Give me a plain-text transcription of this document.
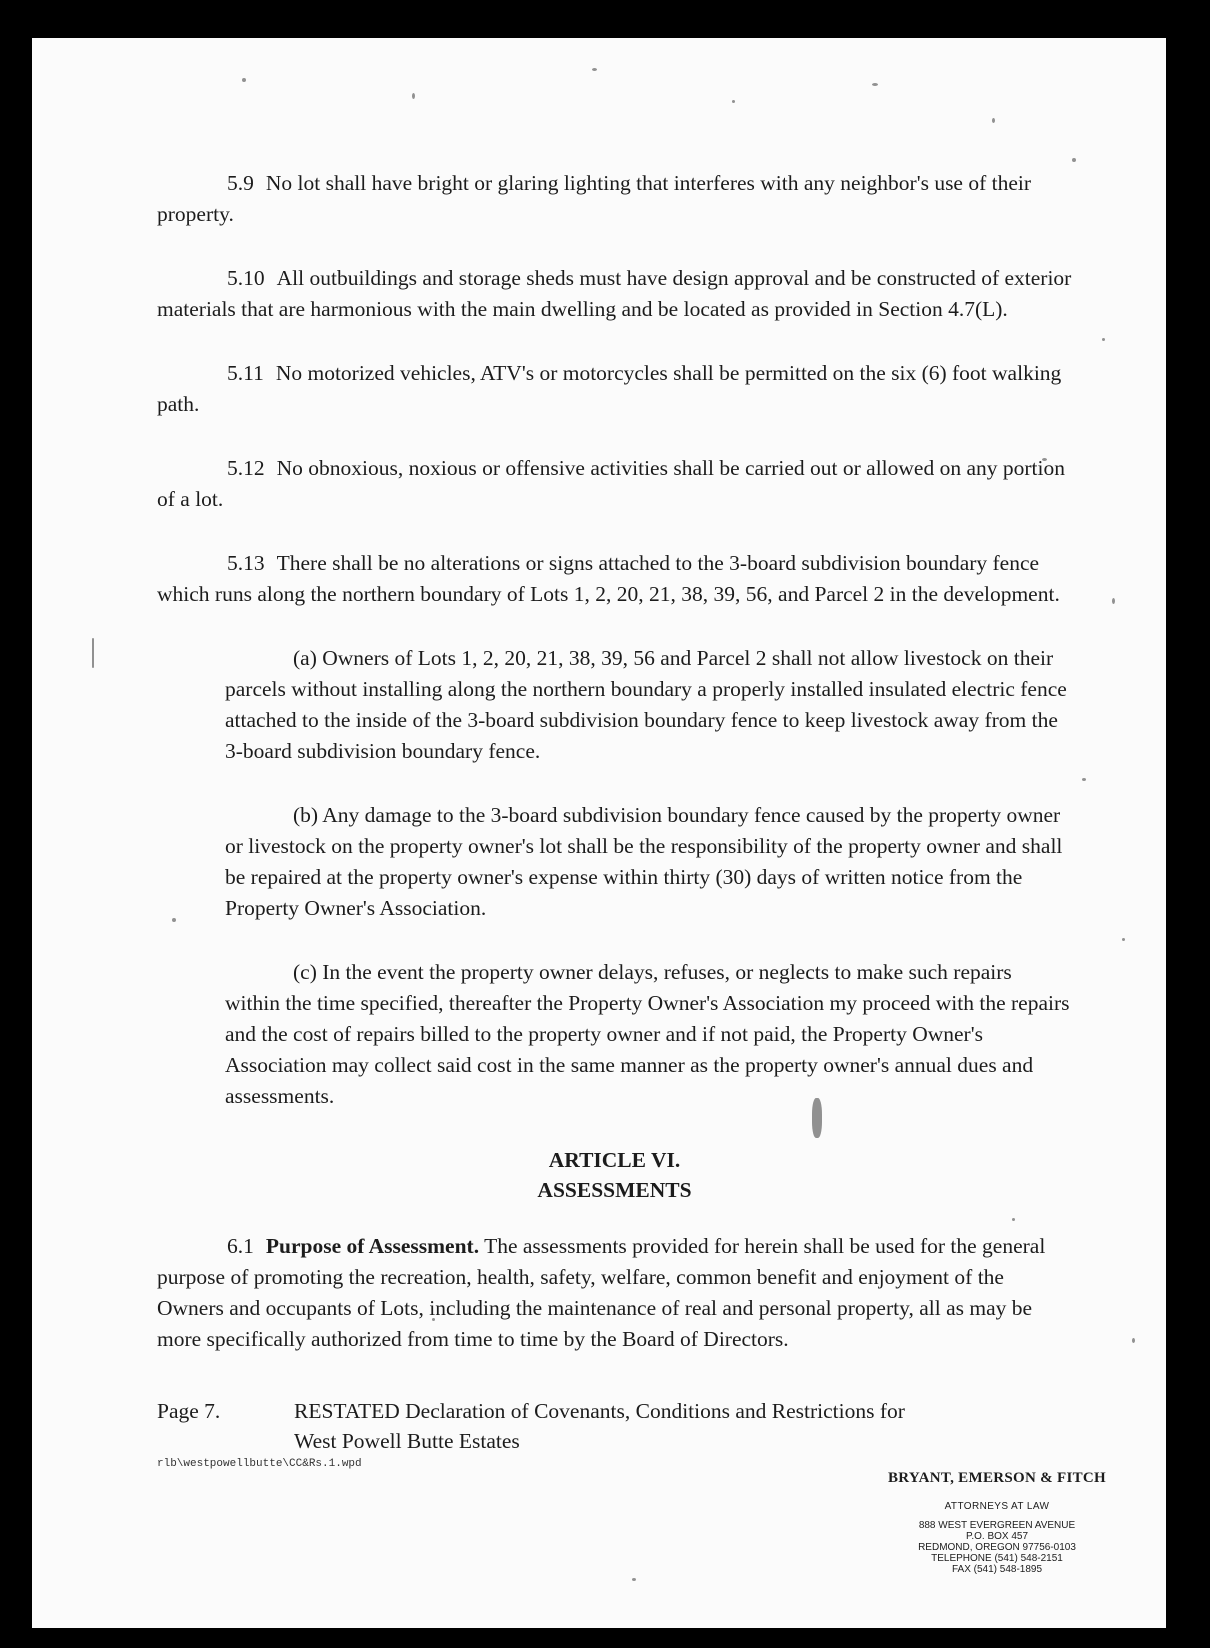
5.9 No lot shall have bright or glaring lighting that interferes with any neighbor's use of their property.

5.10 All outbuildings and storage sheds must have design approval and be constructed of exterior materials that are harmonious with the main dwelling and be located as provided in Section 4.7(L).

5.11 No motorized vehicles, ATV's or motorcycles shall be permitted on the six (6) foot walking path.

5.12 No obnoxious, noxious or offensive activities shall be carried out or allowed on any portion of a lot.

5.13 There shall be no alterations or signs attached to the 3-board subdivision boundary fence which runs along the northern boundary of Lots 1, 2, 20, 21, 38, 39, 56, and Parcel 2 in the development.

(a) Owners of Lots 1, 2, 20, 21, 38, 39, 56 and Parcel 2 shall not allow livestock on their parcels without installing along the northern boundary a properly installed insulated electric fence attached to the inside of the 3-board subdivision boundary fence to keep livestock away from the 3-board subdivision boundary fence.

(b) Any damage to the 3-board subdivision boundary fence caused by the property owner or livestock on the property owner's lot shall be the responsibility of the property owner and shall be repaired at the property owner's expense within thirty (30) days of written notice from the Property Owner's Association.

(c) In the event the property owner delays, refuses, or neglects to make such repairs within the time specified, thereafter the Property Owner's Association my proceed with the repairs and the cost of repairs billed to the property owner and if not paid, the Property Owner's Association may collect said cost in the same manner as the property owner's annual dues and assessments.

ARTICLE VI.
ASSESSMENTS

6.1 Purpose of Assessment. The assessments provided for herein shall be used for the general purpose of promoting the recreation, health, safety, welfare, common benefit and enjoyment of the Owners and occupants of Lots, including the maintenance of real and personal property, all as may be more specifically authorized from time to time by the Board of Directors.

Page 7.	RESTATED Declaration of Covenants, Conditions and Restrictions for West Powell Butte Estates
rlb\westpowellbutte\CC&Rs.1.wpd
BRYANT, EMERSON & FITCH
ATTORNEYS AT LAW
888 WEST EVERGREEN AVENUE
P.O. BOX 457
REDMOND, OREGON 97756-0103
TELEPHONE (541) 548-2151
FAX (541) 548-1895
